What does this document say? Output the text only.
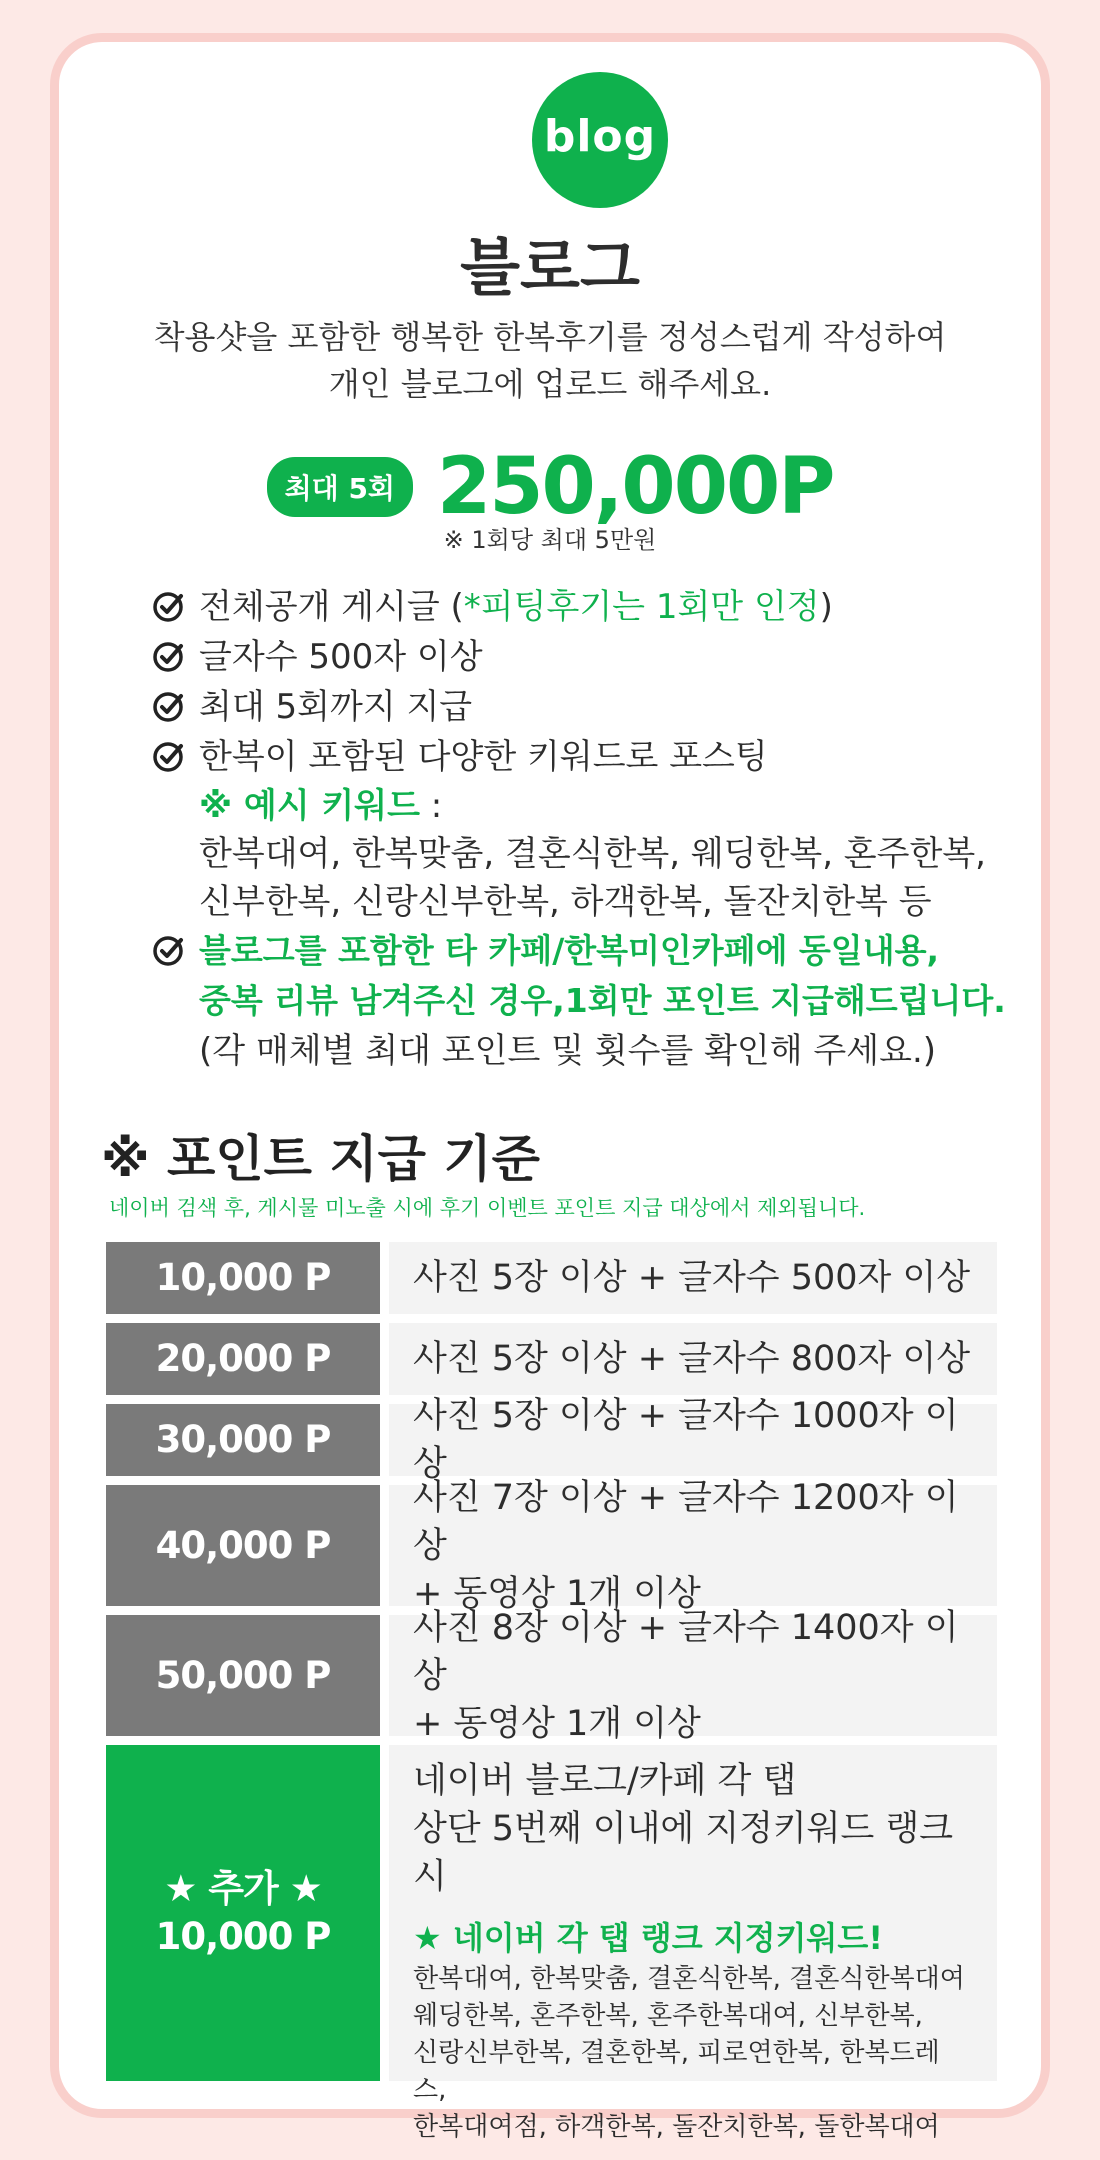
blog
블로그
착용샷을 포함한 행복한 한복후기를 정성스럽게 작성하여
개인 블로그에 업로드 해주세요.
최대 5회 250,000P
※ 1회당 최대 5만원
전체공개 게시글 (*피팅후기는 1회만 인정)
글자수 500자 이상
최대 5회까지 지급
한복이 포함된 다양한 키워드로 포스팅
※ 예시 키워드 :
한복대여, 한복맞춤, 결혼식한복, 웨딩한복, 혼주한복,
신부한복, 신랑신부한복, 하객한복, 돌잔치한복 등
블로그를 포함한 타 카페/한복미인카페에 동일내용,
중복 리뷰 남겨주신 경우,1회만 포인트 지급해드립니다.
(각 매체별 최대 포인트 및 횟수를 확인해 주세요.)
※ 포인트 지급 기준
네이버 검색 후, 게시물 미노출 시에 후기 이벤트 포인트 지급 대상에서 제외됩니다.
10,000 P	사진 5장 이상 + 글자수 500자 이상
20,000 P	사진 5장 이상 + 글자수 800자 이상
30,000 P
사진 5장 이상 + 글자수 1000자 이상
40,000 P
사진 7장 이상 + 글자수 1200자 이상
+ 동영상 1개 이상
50,000 P
사진 8장 이상 + 글자수 1400자 이상
+ 동영상 1개 이상
★ 추가 ★
10,000 P
네이버 블로그/카페 각 탭
상단 5번째 이내에 지정키워드 랭크 시
★ 네이버 각 탭 랭크 지정키워드!
한복대여, 한복맞춤, 결혼식한복, 결혼식한복대여
웨딩한복, 혼주한복, 혼주한복대여, 신부한복,
신랑신부한복, 결혼한복, 피로연한복, 한복드레스,
한복대여점, 하객한복, 돌잔치한복, 돌한복대여
